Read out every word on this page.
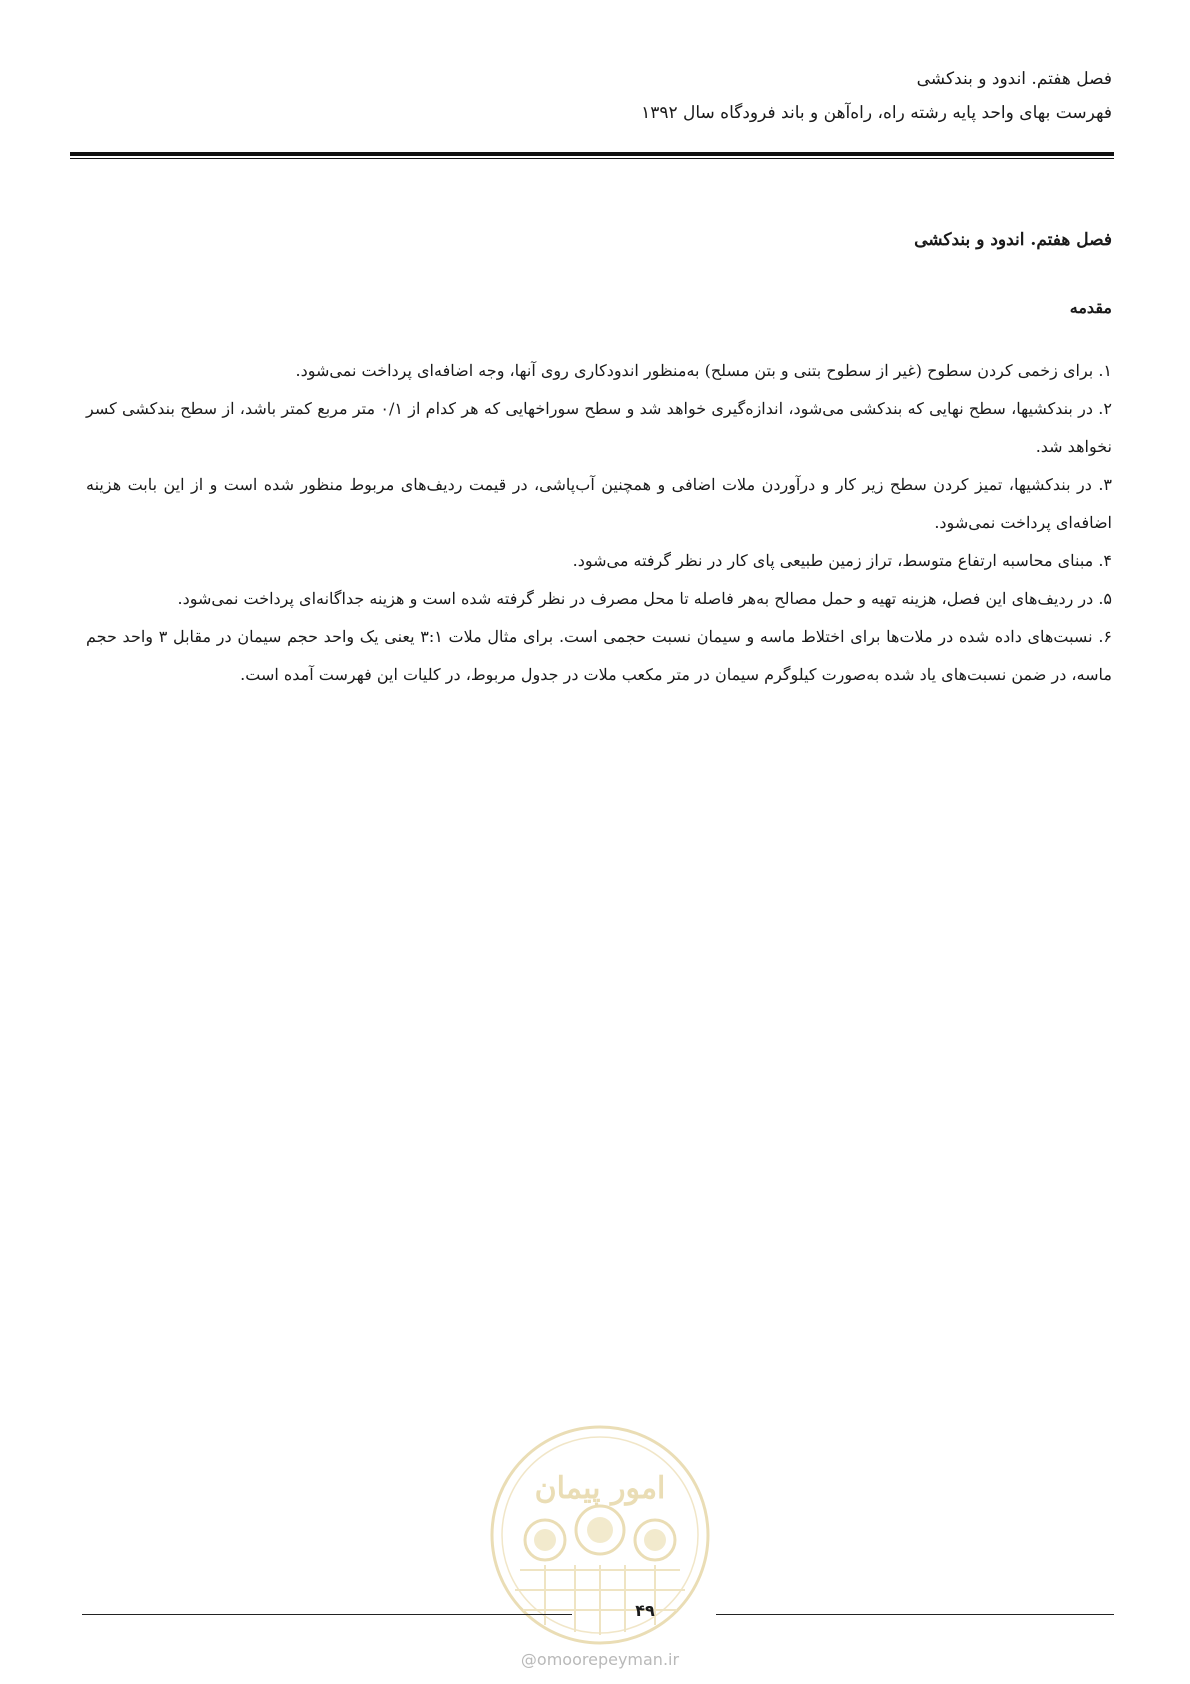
فصل هفتم. اندود و بندکشی
فهرست بهای واحد پایه رشته راه، راه‌آهن و باند فرودگاه سال ۱۳۹۲
فصل هفتم. اندود و بندکشی
مقدمه

۱. برای زخمی کردن سطوح (غیر از سطوح بتنی و بتن مسلح) به‌منظور اندودکاری روی آنها، وجه اضافه‌ای پرداخت نمی‌شود.

۲. در بندکشیها، سطح نهایی که بندکشی می‌شود، اندازه‌گیری خواهد شد و سطح سوراخهایی که هر کدام از ۰/۱ متر مربع کمتر باشد، از سطح بندکشی کسر نخواهد شد.

۳. در بندکشیها، تمیز کردن سطح زیر کار و درآوردن ملات اضافی و همچنین آب‌پاشی، در قیمت ردیف‌های مربوط منظور شده است و از این بابت هزینه اضافه‌ای پرداخت نمی‌شود.

۴. مبنای محاسبه ارتفاع متوسط، تراز زمین طبیعی پای کار در نظر گرفته می‌شود.

۵. در ردیف‌های این فصل، هزینه تهیه و حمل مصالح به‌هر فاصله تا محل مصرف در نظر گرفته شده است و هزینه جداگانه‌ای پرداخت نمی‌شود.

۶. نسبت‌های داده شده در ملات‌ها برای اختلاط ماسه و سیمان نسبت حجمی است. برای مثال ملات ۳:۱ یعنی یک واحد حجم سیمان در مقابل ۳ واحد حجم ماسه، در ضمن نسبت‌های یاد شده به‌صورت کیلوگرم سیمان در متر مکعب ملات در جدول مربوط، در کلیات این فهرست آمده است.

امور پیمان
۴۹
@omoorepeyman.ir
